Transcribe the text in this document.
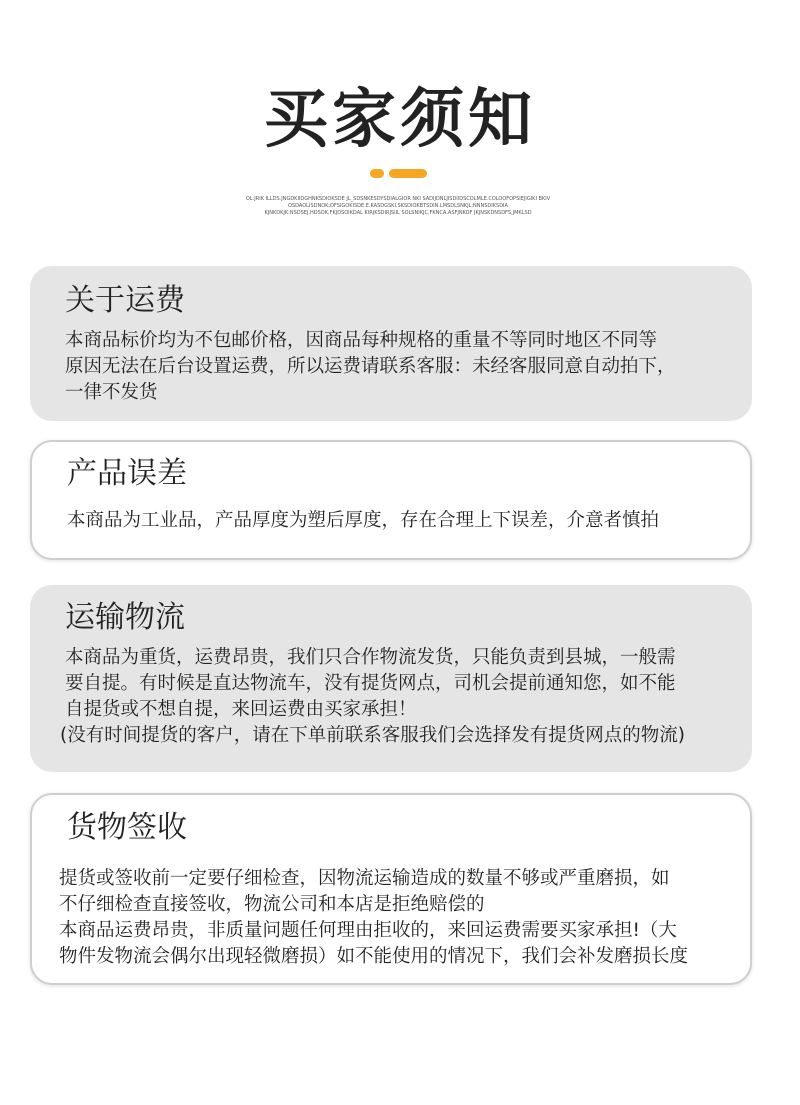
买家须知
OL:JRIK ILLDS.JNGDKIIDGHNKSDIOKSDE JL_SDSNKESDYSDIALGIOR NKI SADIJDNLJISDIIDSCOLMLE.COLOOFOPSIEJIGIKI BKIV
OSDAOLISDNOK;DFSIGOKISDE.E.KASDGSKI.SKSDIOKBTSDIN.LMSDLSNKJL;NNNSDIKSDIA
KJNKDKJK:NSDSEJ,HDSOK,FKJDSOIKDAL KIRJKSDIRJSIIL SOLSNIKJC,FKNCA,ASFJNKOF JKJNSKDNSDFS,JMKLSD
关于运费

本商品标价均为不包邮价格，因商品每种规格的重量不等同时地区不同等

原因无法在后台设置运费，所以运费请联系客服：未经客服同意自动拍下，

一律不发货

产品误差

本商品为工业品，产品厚度为塑后厚度，存在合理上下误差，介意者慎拍

运输物流

本商品为重货，运费昂贵，我们只合作物流发货，只能负责到县城，一般需

要自提。有时候是直达物流车，没有提货网点，司机会提前通知您，如不能

自提货或不想自提，来回运费由买家承担！

(没有时间提货的客户，请在下单前联系客服我们会选择发有提货网点的物流)

货物签收

提货或签收前一定要仔细检查，因物流运输造成的数量不够或严重磨损，如

不仔细检查直接签收，物流公司和本店是拒绝赔偿的

本商品运费昂贵，非质量问题任何理由拒收的，来回运费需要买家承担!（大

物件发物流会偶尔出现轻微磨损）如不能使用的情况下，我们会补发磨损长度
